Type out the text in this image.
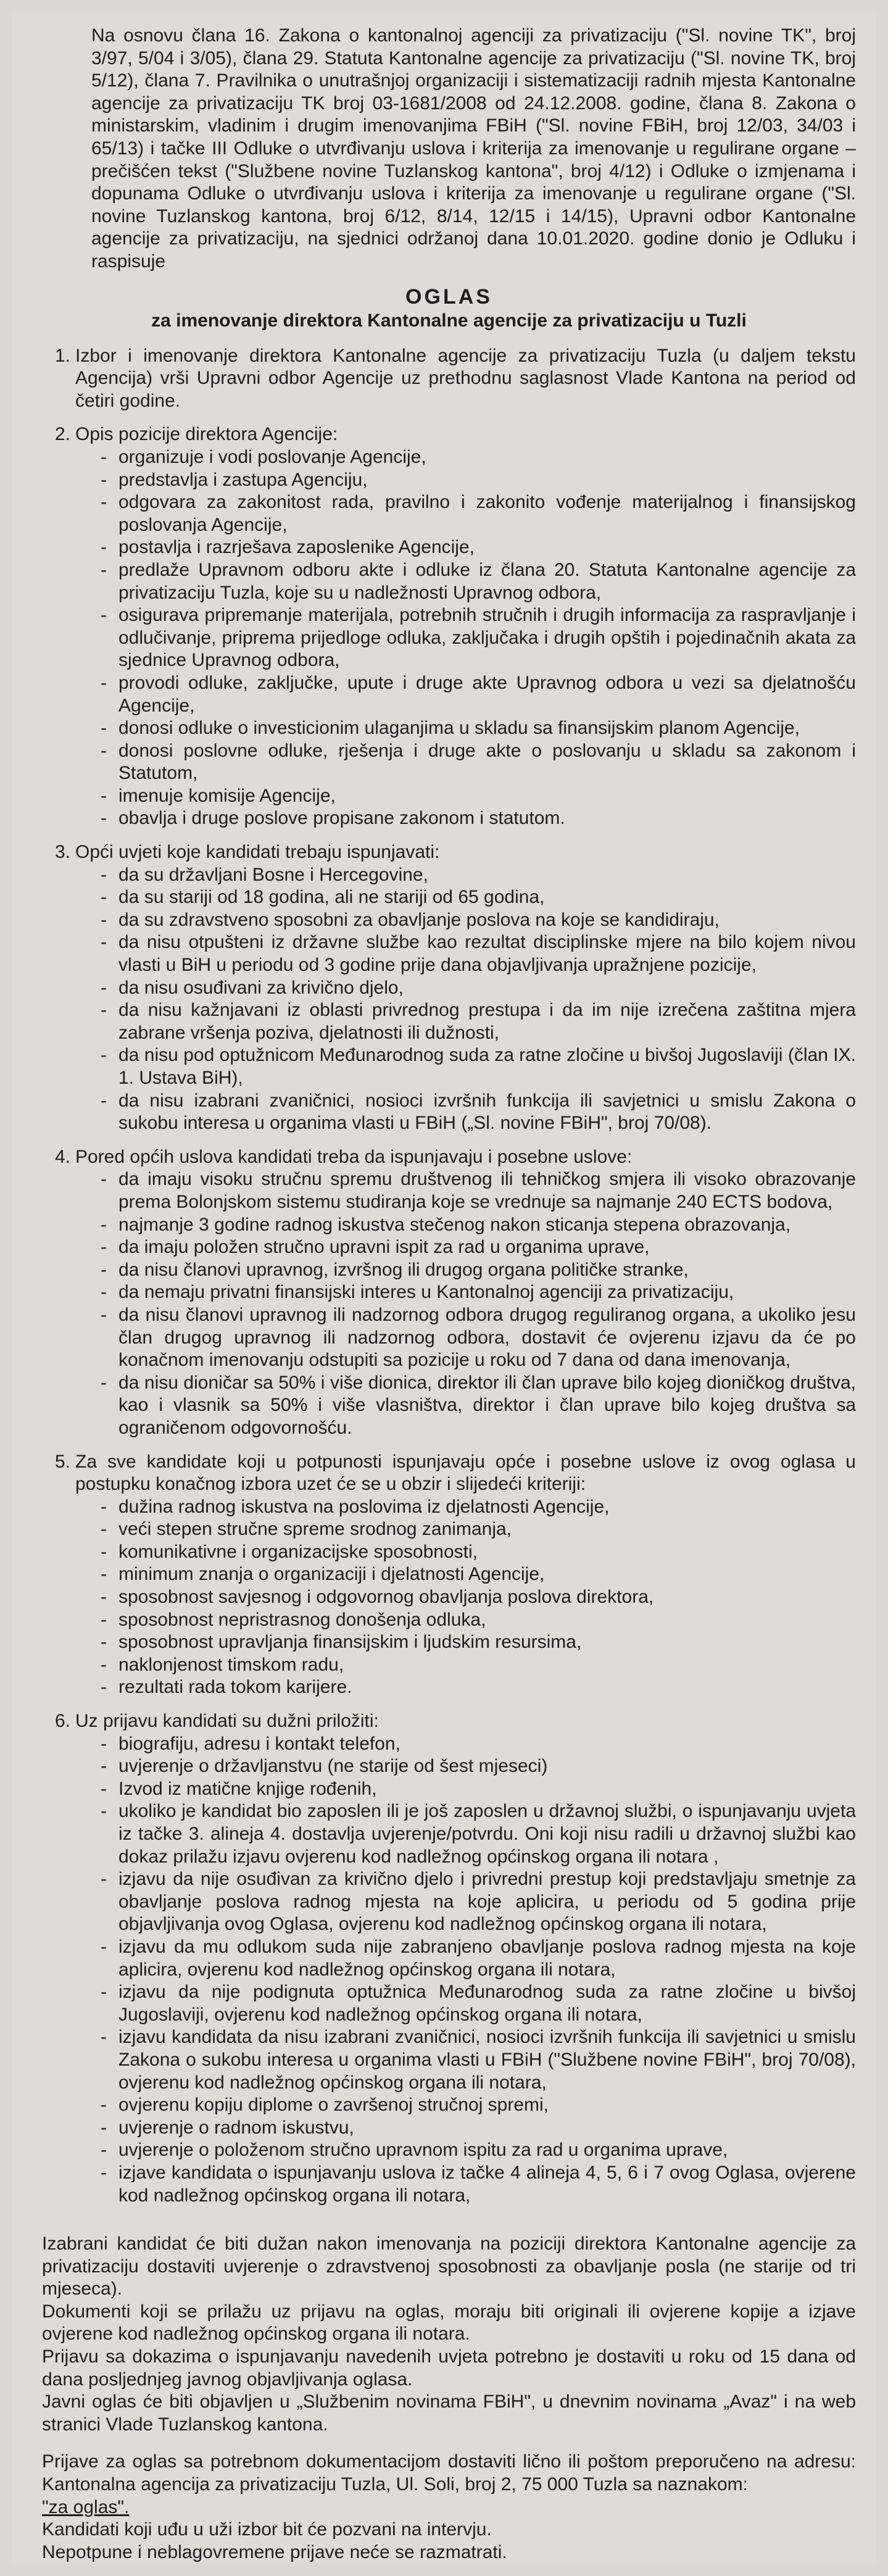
Na osnovu člana 16. Zakona o kantonalnoj agenciji za privatizaciju ("Sl. novine TK", broj 3/97, 5/04 i 3/05), člana 29. Statuta Kantonalne agencije za privatizaciju ("Sl. novine TK, broj 5/12), člana 7. Pravilnika o unutrašnjoj organizaciji i sistematizaciji radnih mjesta Kantonalne agencije za privatizaciju TK broj 03-1681/2008 od 24.12.2008. godine, člana 8. Zakona o ministarskim, vladinim i drugim imenovanjima FBiH ("Sl. novine FBiH, broj 12/03, 34/03 i 65/13) i tačke III Odluke o utvrđivanju uslova i kriterija za imenovanje u regulirane organe – prečišćen tekst ("Službene novine Tuzlanskog kantona", broj 4/12) i Odluke o izmjenama i dopunama Odluke o utvrđivanju uslova i kriterija za imenovanje u regulirane organe ("Sl. novine Tuzlanskog kantona, broj 6/12, 8/14, 12/15 i 14/15), Upravni odbor Kantonalne agencije za privatizaciju, na sjednici održanoj dana 10.01.2020. godine donio je Odluku i raspisuje

OGLAS
za imenovanje direktora Kantonalne agencije za privatizaciju u Tuzli
1. Izbor i imenovanje direktora Kantonalne agencije za privatizaciju Tuzla (u daljem tekstu Agencija) vrši Upravni odbor Agencije uz prethodnu saglasnost Vlade Kantona na period od četiri godine.
2. Opis pozicije direktora Agencije:
- organizuje i vodi poslovanje Agencije,
- predstavlja i zastupa Agenciju,
- odgovara za zakonitost rada, pravilno i zakonito vođenje materijalnog i finansijskog poslovanja Agencije,
- postavlja i razrješava zaposlenike Agencije,
- predlaže Upravnom odboru akte i odluke iz člana 20. Statuta Kantonalne agencije za privatizaciju Tuzla, koje su u nadležnosti Upravnog odbora,
- osigurava pripremanje materijala, potrebnih stručnih i drugih informacija za raspravljanje i odlučivanje, priprema prijedloge odluka, zaključaka i drugih opštih i pojedinačnih akata za sjednice Upravnog odbora,
- provodi odluke, zaključke, upute i druge akte Upravnog odbora u vezi sa djelatnošću Agencije,
- donosi odluke o investicionim ulaganjima u skladu sa finansijskim planom Agencije,
- donosi poslovne odluke, rješenja i druge akte o poslovanju u skladu sa zakonom i Statutom,
- imenuje komisije Agencije,
- obavlja i druge poslove propisane zakonom i statutom.
3. Opći uvjeti koje kandidati trebaju ispunjavati:
- da su državljani Bosne i Hercegovine,
- da su stariji od 18 godina, ali ne stariji od 65 godina,
- da su zdravstveno sposobni za obavljanje poslova na koje se kandidiraju,
- da nisu otpušteni iz državne službe kao rezultat disciplinske mjere na bilo kojem nivou vlasti u BiH u periodu od 3 godine prije dana objavljivanja upražnjene pozicije,
- da nisu osuđivani za krivično djelo,
- da nisu kažnjavani iz oblasti privrednog prestupa i da im nije izrečena zaštitna mjera zabrane vršenja poziva, djelatnosti ili dužnosti,
- da nisu pod optužnicom Međunarodnog suda za ratne zločine u bivšoj Jugoslaviji (član IX. 1. Ustava BiH),
- da nisu izabrani zvaničnici, nosioci izvršnih funkcija ili savjetnici u smislu Zakona o sukobu interesa u organima vlasti u FBiH („Sl. novine FBiH", broj 70/08).
4. Pored općih uslova kandidati treba da ispunjavaju i posebne uslove:
- da imaju visoku stručnu spremu društvenog ili tehničkog smjera ili visoko obrazovanje prema Bolonjskom sistemu studiranja koje se vrednuje sa najmanje 240 ECTS bodova,
- najmanje 3 godine radnog iskustva stečenog nakon sticanja stepena obrazovanja,
- da imaju položen stručno upravni ispit za rad u organima uprave,
- da nisu članovi upravnog, izvršnog ili drugog organa političke stranke,
- da nemaju privatni finansijski interes u Kantonalnoj agenciji za privatizaciju,
- da nisu članovi upravnog ili nadzornog odbora drugog reguliranog organa, a ukoliko jesu član drugog upravnog ili nadzornog odbora, dostavit će ovjerenu izjavu da će po konačnom imenovanju odstupiti sa pozicije u roku od 7 dana od dana imenovanja,
- da nisu dioničar sa 50% i više dionica, direktor ili član uprave bilo kojeg dioničkog društva, kao i vlasnik sa 50% i više vlasništva, direktor i član uprave bilo kojeg društva sa ograničenom odgovornošću.
5. Za sve kandidate koji u potpunosti ispunjavaju opće i posebne uslove iz ovog oglasa u postupku konačnog izbora uzet će se u obzir i slijedeći kriteriji:
- dužina radnog iskustva na poslovima iz djelatnosti Agencije,
- veći stepen stručne spreme srodnog zanimanja,
- komunikativne i organizacijske sposobnosti,
- minimum znanja o organizaciji i djelatnosti Agencije,
- sposobnost savjesnog i odgovornog obavljanja poslova direktora,
- sposobnost nepristrasnog donošenja odluka,
- sposobnost upravljanja finansijskim i ljudskim resursima,
- naklonjenost timskom radu,
- rezultati rada tokom karijere.
6. Uz prijavu kandidati su dužni priložiti:
- biografiju, adresu i kontakt telefon,
- uvjerenje o državljanstvu (ne starije od šest mjeseci)
- Izvod iz matične knjige rođenih,
- ukoliko je kandidat bio zaposlen ili je još zaposlen u državnoj službi, o ispunjavanju uvjeta iz tačke 3. alineja 4. dostavlja uvjerenje/potvrdu. Oni koji nisu radili u državnoj službi kao dokaz prilažu izjavu ovjerenu kod nadležnog općinskog organa ili notara ,
- izjavu da nije osuđivan za krivično djelo i privredni prestup koji predstavljaju smetnje za obavljanje poslova radnog mjesta na koje aplicira, u periodu od 5 godina prije objavljivanja ovog Oglasa, ovjerenu kod nadležnog općinskog organa ili notara,
- izjavu da mu odlukom suda nije zabranjeno obavljanje poslova radnog mjesta na koje aplicira, ovjerenu kod nadležnog općinskog organa ili notara,
- izjavu da nije podignuta optužnica Međunarodnog suda za ratne zločine u bivšoj Jugoslaviji, ovjerenu kod nadležnog općinskog organa ili notara,
- izjavu kandidata da nisu izabrani zvaničnici, nosioci izvršnih funkcija ili savjetnici u smislu Zakona o sukobu interesa u organima vlasti u FBiH ("Službene novine FBiH", broj 70/08), ovjerenu kod nadležnog općinskog organa ili notara,
- ovjerenu kopiju diplome o završenoj stručnoj spremi,
- uvjerenje o radnom iskustvu,
- uvjerenje o položenom stručno upravnom ispitu za rad u organima uprave,
- izjave kandidata o ispunjavanju uslova iz tačke 4 alineja 4, 5, 6 i 7 ovog Oglasa, ovjerene kod nadležnog općinskog organa ili notara,

Izabrani kandidat će biti dužan nakon imenovanja na poziciji direktora Kantonalne agencije za privatizaciju dostaviti uvjerenje o zdravstvenoj sposobnosti za obavljanje posla (ne starije od tri mjeseca).

Dokumenti koji se prilažu uz prijavu na oglas, moraju biti originali ili ovjerene kopije a izjave ovjerene kod nadležnog općinskog organa ili notara.

Prijavu sa dokazima o ispunjavanju navedenih uvjeta potrebno je dostaviti u roku od 15 dana od dana posljednjeg javnog objavljivanja oglasa.

Javni oglas će biti objavljen u „Službenim novinama FBiH", u dnevnim novinama „Avaz" i na web stranici Vlade Tuzlanskog kantona.

Prijave za oglas sa potrebnom dokumentacijom dostaviti lično ili poštom preporučeno na adresu: Kantonalna agencija za privatizaciju Tuzla, Ul. Soli, broj 2, 75 000 Tuzla sa naznakom:

"za oglas".

Kandidati koji uđu u uži izbor bit će pozvani na intervju.

Nepotpune i neblagovremene prijave neće se razmatrati.
